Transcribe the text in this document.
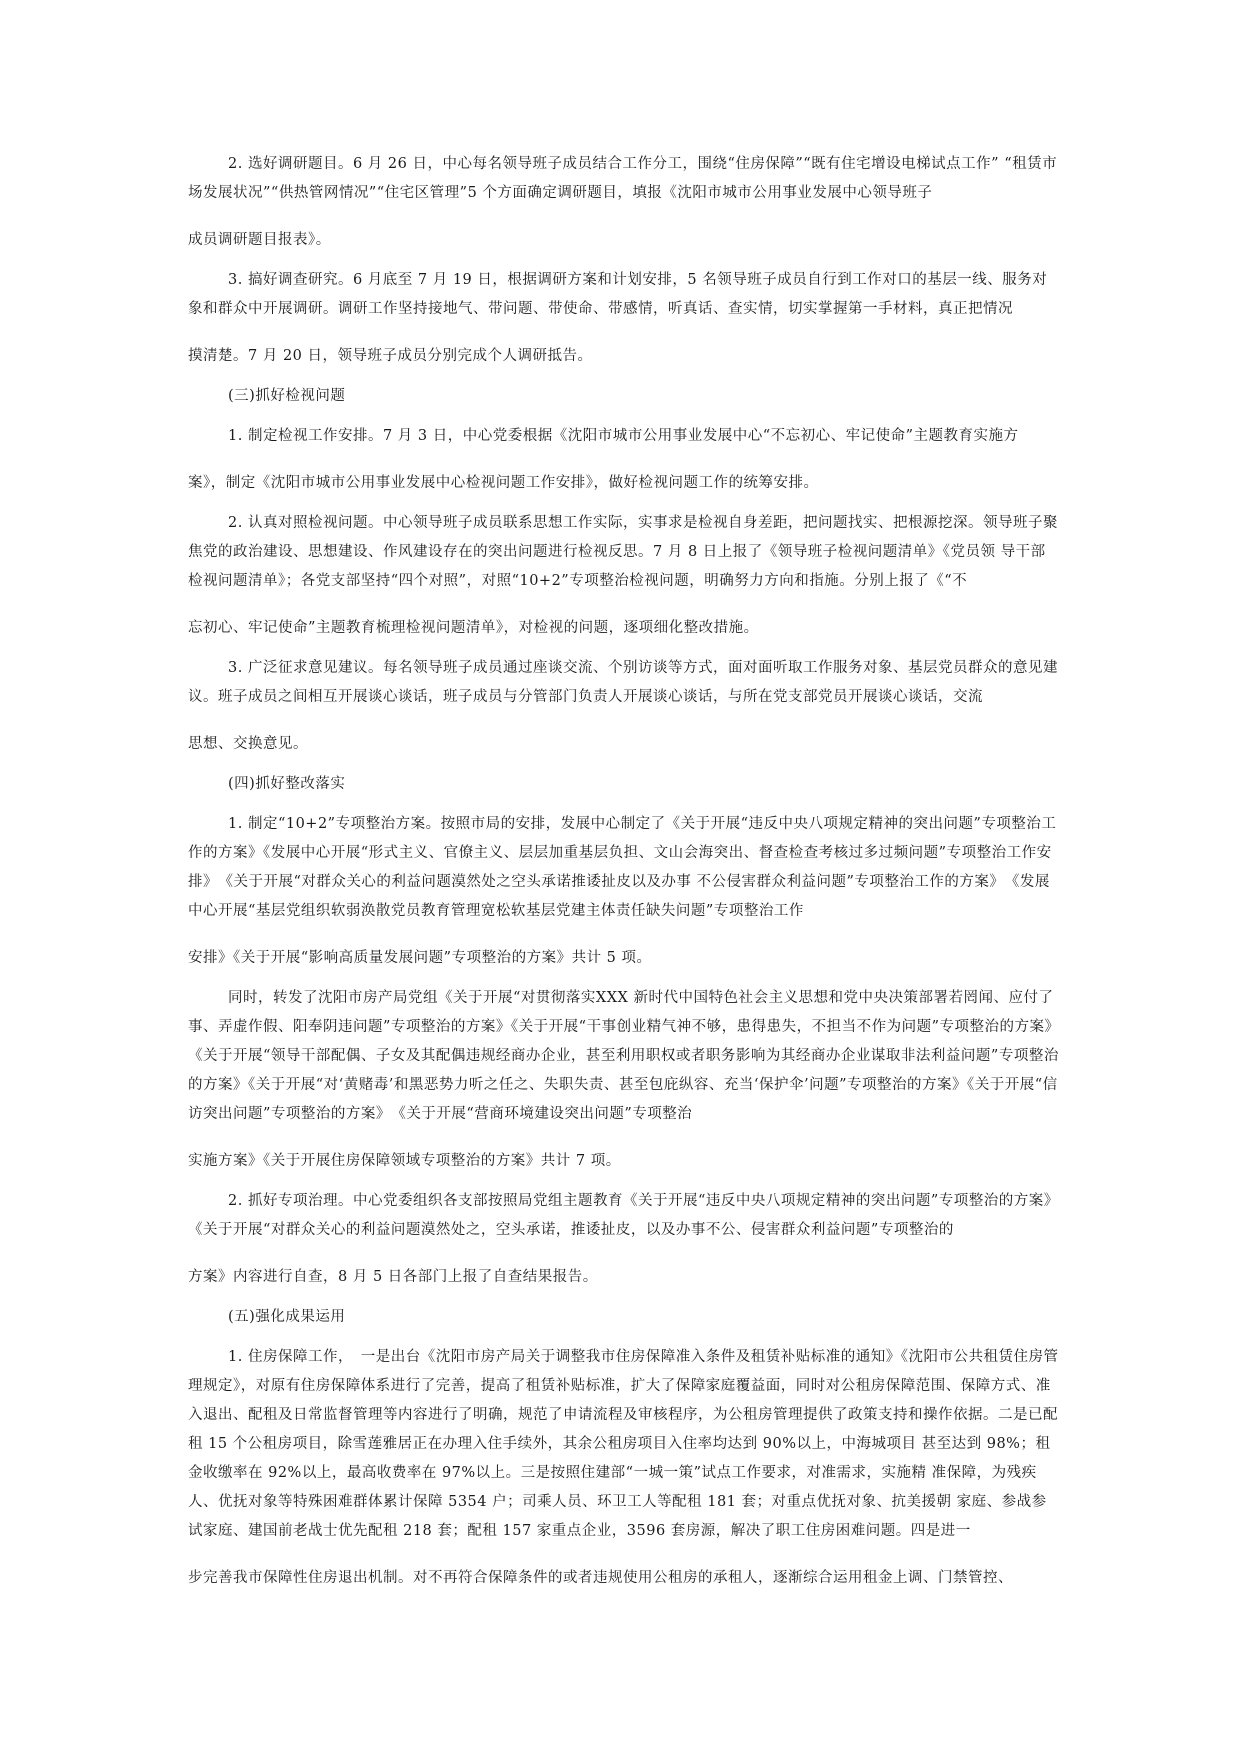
2. 选好调研题目。6 月 26 日，中心每名领导班子成员结合工作分工，围绕“住房保障”“既有住宅增设电梯试点工作” “租赁市场发展状况”“供热管网情况”“住宅区管理”5 个方面确定调研题目，填报《沈阳市城市公用事业发展中心领导班子

成员调研题目报表》。

3. 搞好调查研究。6 月底至 7 月 19 日，根据调研方案和计划安排，5 名领导班子成员自行到工作对口的基层一线、服务对 象和群众中开展调研。调研工作坚持接地气、带问题、带使命、带感情，听真话、查实情，切实掌握第一手材料，真正把情况

摸清楚。7 月 20 日，领导班子成员分别完成个人调研抵告。

(三)抓好检视问题

1. 制定检视工作安排。7 月 3 日，中心党委根据《沈阳市城市公用事业发展中心“不忘初心、牢记使命”主题教育实施方

案》，制定《沈阳市城市公用事业发展中心检视问题工作安排》，做好检视问题工作的统筹安排。

2. 认真对照检视问题。中心领导班子成员联系思想工作实际，实事求是检视自身差距，把问题找实、把根源挖深。领导班子聚焦党的政治建设、思想建设、作风建设存在的突出问题进行检视反思。7 月 8 日上报了《领导班子检视问题清单》《党员领 导干部检视问题清单》；各党支部坚持“四个对照”，对照“10+2”专项整治检视问题，明确努力方向和指施。分别上报了《“不

忘初心、牢记使命”主题教育梳理检视问题清单》，对检视的问题，逐项细化整改措施。

3. 广泛征求意见建议。每名领导班子成员通过座谈交流、个别访谈等方式，面对面听取工作服务对象、基层党员群众的意见建议。班子成员之间相互开展谈心谈话，班子成员与分管部门负责人开展谈心谈话，与所在党支部党员开展谈心谈话，交流

思想、交换意见。

(四)抓好整改落实

1. 制定“10+2”专项整治方案。按照市局的安排，发展中心制定了《关于开展“违反中央八项规定精神的突出问题”专项整治工作的方案》《发展中心开展“形式主义、官僚主义、层层加重基层负担、文山会海突出、督查检查考核过多过频问题”专项整治工作安排》　《关于开展“对群众关心的利益问题漠然处之空头承诺推诿扯皮以及办事 不公侵害群众利益问题”专项整治工作的方案》　《发展中心开展“基层党组织软弱涣散党员教育管理宽松软基层党建主体责任缺失问题”专项整治工作

安排》《关于开展“影响高质量发展问题”专项整治的方案》共计 5 项。

同时，转发了沈阳市房产局党组《关于开展“对贯彻落实XXX 新时代中国特色社会主义思想和党中央决策部署若罔闻、应付了事、弄虚作假、阳奉阴违问题”专项整治的方案》《关于开展“干事创业精气神不够，患得患失，不担当不作为问题”专项整治的方案》《关于开展“领导干部配偶、子女及其配偶违规经商办企业，甚至利用职权或者职务影响为其经商办企业谋取非法利益问题”专项整治的方案》《关于开展“对‘黄赌毒’和黑恶势力听之任之、失职失责、甚至包庇纵容、充当‘保护伞’问题”专项整治的方案》《关于开展“信访突出问题”专项整治的方案》　《关于开展“营商环境建设突出问题”专项整治

实施方案》《关于开展住房保障领域专项整治的方案》共计 7 项。

2. 抓好专项治理。中心党委组织各支部按照局党组主题教育《关于开展“违反中央八项规定精神的突出问题”专项整治的方案》《关于开展“对群众关心的利益问题漠然处之，空头承诺，推诿扯皮，以及办事不公、侵害群众利益问题”专项整治的

方案》内容进行自查，8 月 5 日各部门上报了自查结果报告。

(五)强化成果运用

1. 住房保障工作，　一是出台《沈阳市房产局关于调整我市住房保障准入条件及租赁补贴标准的通知》《沈阳市公共租赁住房管理规定》，对原有住房保障体系进行了完善，提高了租赁补贴标准，扩大了保障家庭覆益面，同时对公租房保障范围、保障方式、准入退出、配租及日常监督管理等内容进行了明确，规范了申请流程及审核程序，为公租房管理提供了政策支持和操作依据。二是已配租 15 个公租房项目，除雪莲雅居正在办理入住手续外，其余公租房项目入住率均达到 90%以上，中海城项目 甚至达到 98%；租金收缴率在 92%以上，最高收费率在 97%以上。三是按照住建部“一城一策”试点工作要求，对准需求，实施精 准保障，为残疾人、优抚对象等特殊困难群体累计保障 5354 户；司乘人员、环卫工人等配租 181 套；对重点优抚对象、抗美援朝 家庭、参战参试家庭、建国前老战士优先配租 218 套；配租 157 家重点企业，3596 套房源，解决了职工住房困难问题。四是进一

步完善我市保障性住房退出机制。对不再符合保障条件的或者违规使用公租房的承租人，逐渐综合运用租金上调、门禁管控、
